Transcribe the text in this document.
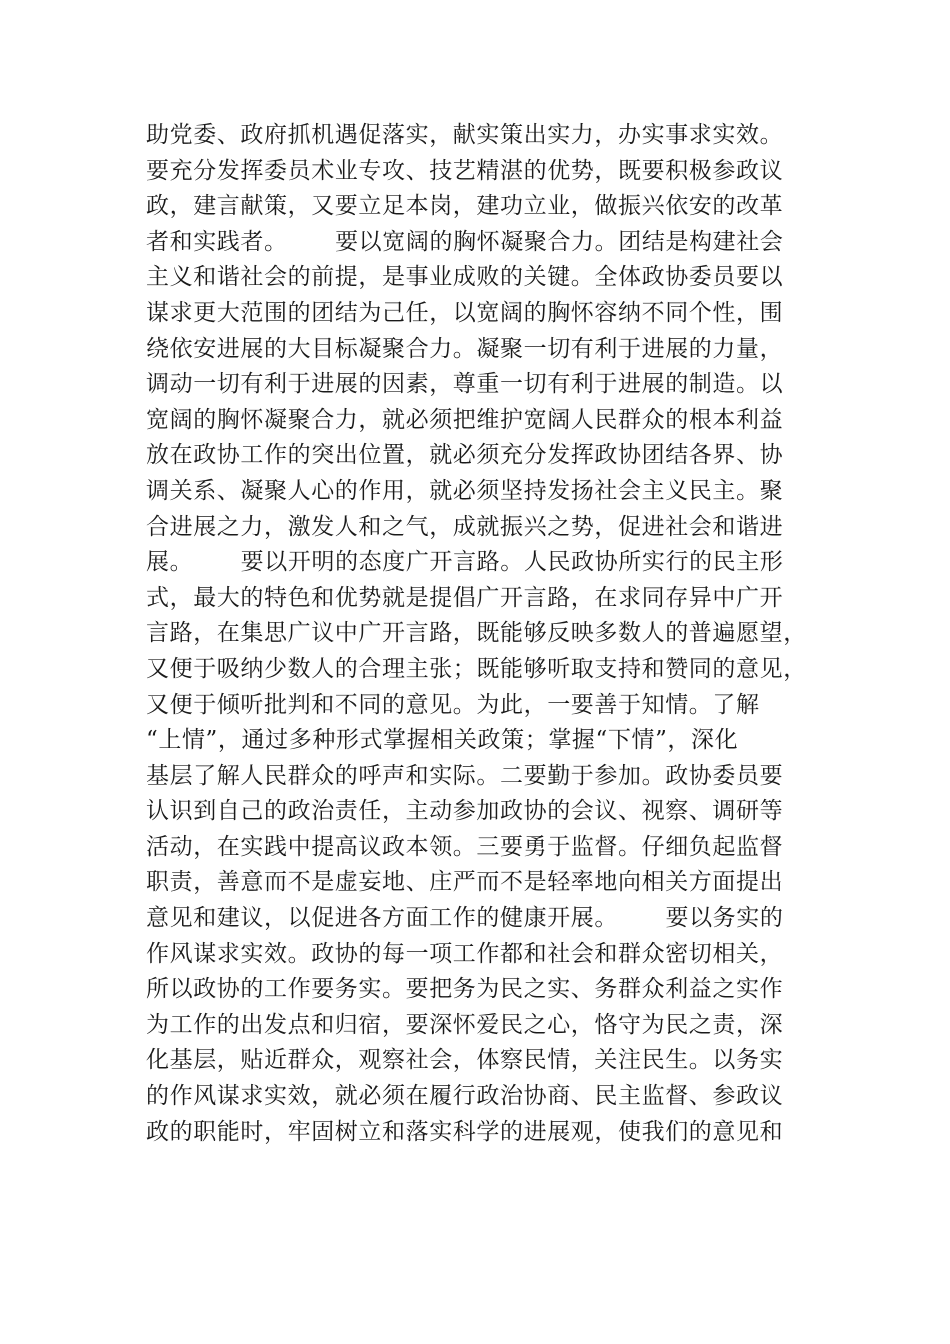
助党委、政府抓机遇促落实，献实策出实力，办实事求实效。
要充分发挥委员术业专攻、技艺精湛的优势，既要积极参政议
政，建言献策，又要立足本岗，建功立业，做振兴依安的改革
者和实践者。      要以宽阔的胸怀凝聚合力。团结是构建社会
主义和谐社会的前提，是事业成败的关键。全体政协委员要以
谋求更大范围的团结为己任，以宽阔的胸怀容纳不同个性，围
绕依安进展的大目标凝聚合力。凝聚一切有利于进展的力量，
调动一切有利于进展的因素，尊重一切有利于进展的制造。以
宽阔的胸怀凝聚合力，就必须把维护宽阔人民群众的根本利益
放在政协工作的突出位置，就必须充分发挥政协团结各界、协
调关系、凝聚人心的作用，就必须坚持发扬社会主义民主。聚
合进展之力，激发人和之气，成就振兴之势，促进社会和谐进
展。      要以开明的态度广开言路。人民政协所实行的民主形
式，最大的特色和优势就是提倡广开言路，在求同存异中广开
言路，在集思广议中广开言路，既能够反映多数人的普遍愿望，
又便于吸纳少数人的合理主张；既能够听取支持和赞同的意见，
又便于倾听批判和不同的意见。为此，一要善于知情。了解
“上情”，通过多种形式掌握相关政策；掌握“下情”，深化
基层了解人民群众的呼声和实际。二要勤于参加。政协委员要
认识到自己的政治责任，主动参加政协的会议、视察、调研等
活动，在实践中提高议政本领。三要勇于监督。仔细负起监督
职责，善意而不是虚妄地、庄严而不是轻率地向相关方面提出
意见和建议，以促进各方面工作的健康开展。      要以务实的
作风谋求实效。政协的每一项工作都和社会和群众密切相关，
所以政协的工作要务实。要把务为民之实、务群众利益之实作
为工作的出发点和归宿，要深怀爱民之心，恪守为民之责，深
化基层，贴近群众，观察社会，体察民情，关注民生。以务实
的作风谋求实效，就必须在履行政治协商、民主监督、参政议
政的职能时，牢固树立和落实科学的进展观，使我们的意见和
